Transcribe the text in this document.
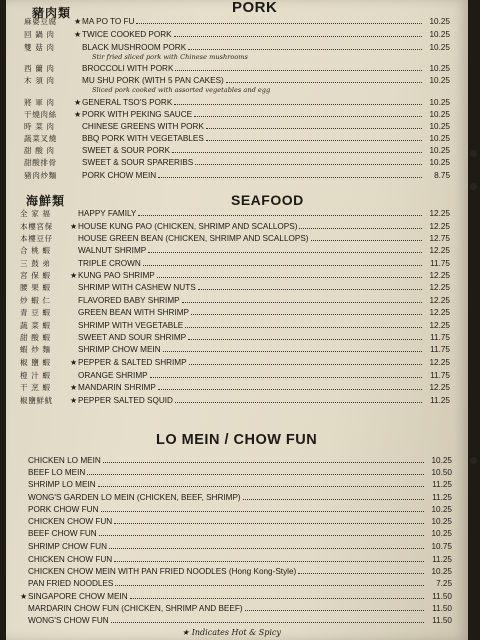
豬肉類	PORK
麻婆豆腐	★ MA PO TO FU	10.25
回 鍋 肉	★ TWICE COOKED PORK	10.25
雙 菇 肉	BLACK MUSHROOM PORK	10.25
西 蘭 肉	BROCCOLI WITH PORK	10.25
木 須 肉	MU SHU PORK (WITH 5 PAN CAKES)	10.25
將 軍 肉	★ GENERAL TSO'S PORK	10.25
干燒肉絲	★ PORK WITH PEKING SAUCE	10.25
時 菜 肉	CHINESE GREENS WITH PORK	10.25
蔬菜叉燒	BBQ PORK WITH VEGETABLES	10.25
甜 酸 肉	SWEET & SOUR PORK	10.25
甜酸排骨	SWEET & SOUR SPARERIBS	10.25
豬肉炒麵	PORK CHOW MEIN	8.75
Stir fried sliced pork with Chinese mushrooms
Sliced pork cooked with assorted vegetables and egg
海鮮類	SEAFOOD
全 家 福	HAPPY FAMILY	12.25
本樓宮保	★ HOUSE KUNG PAO (CHICKEN, SHRIMP AND SCALLOPS)	12.25
本樓豆仔	HOUSE GREEN BEAN (CHICKEN, SHRIMP AND SCALLOPS)	12.75
合 桃 蝦	WALNUT SHRIMP	12.25
三 鼓 弟	TRIPLE CROWN	11.75
宮 保 蝦	★ KUNG PAO SHRIMP	12.25
腰 果 蝦	SHRIMP WITH CASHEW NUTS	12.25
炒 蝦 仁	FLAVORED BABY SHRIMP	12.25
青 豆 蝦	GREEN BEAN WITH SHRIMP	12.25
蔬 菜 蝦	SHRIMP WITH VEGETABLE	12.25
甜 酸 蝦	SWEET AND SOUR SHRIMP	11.75
蝦 炒 麵	SHRIMP CHOW MEIN	11.75
椒 鹽 蝦	★ PEPPER & SALTED SHRIMP	12.25
橙 汁 蝦	ORANGE SHRIMP	11.75
干 烹 蝦	★ MANDARIN SHRIMP	12.25
椒鹽鮮魷	★ PEPPER SALTED SQUID	11.25
LO MEIN / CHOW FUN
CHICKEN LO MEIN	10.25
BEEF LO MEIN	10.50
SHRIMP LO MEIN	11.25
WONG'S GARDEN LO MEIN (CHICKEN, BEEF, SHRIMP)	11.25
PORK CHOW FUN	10.25
CHICKEN CHOW FUN	10.25
BEEF CHOW FUN	10.25
SHRIMP CHOW FUN	10.75
CHICKEN CHOW FUN	11.25
CHICKEN CHOW MEIN WITH PAN FRIED NOODLES (Hong Kong-Style)	10.25
PAN FRIED NOODLES	7.25
★ SINGAPORE CHOW MEIN	11.50
MARDARIN CHOW FUN (CHICKEN, SHRIMP AND BEEF)	11.50
WONG'S CHOW FUN	11.50
★ Indicates Hot & Spicy
